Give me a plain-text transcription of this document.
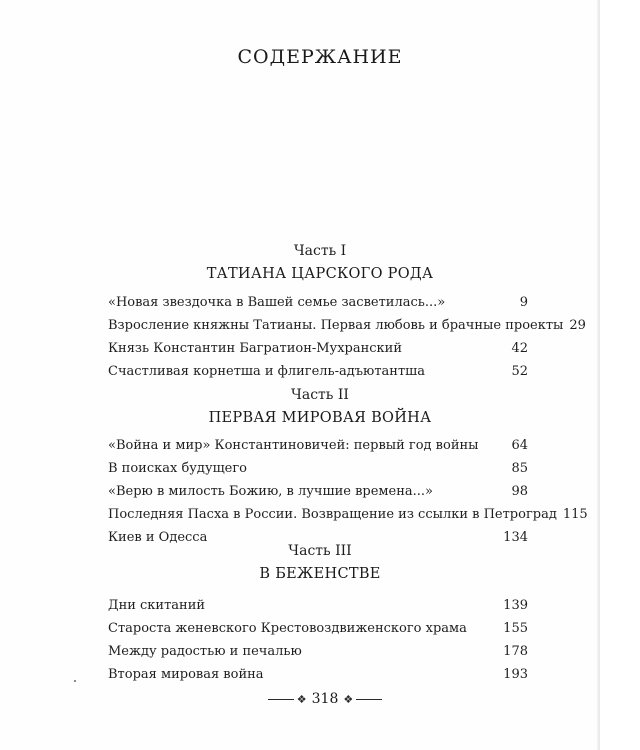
СОДЕРЖАНИЕ
Часть I
ТАТИАНА ЦАРСКОГО РОДА
«Новая звездочка в Вашей семье засветилась...»	9
Взросление княжны Татианы. Первая любовь и брачные проекты 29
Князь Константин Багратион-Мухранский	42
Счастливая корнетша и флигель-адъютантша	52
Часть II
ПЕРВАЯ МИРОВАЯ ВОЙНА
«Война и мир» Константиновичей: первый год войны	64
В поисках будущего	85
«Верю в милость Божию, в лучшие времена...»	98
Последняя Пасха в России. Возвращение из ссылки в Петроград 115
Киев и Одесса	134
Часть III
В БЕЖЕНСТВЕ
Дни скитаний	139
Староста женевского Крестовоздвиженского храма	155
Между радостью и печалью	178
Вторая мировая война	193
❖ 318 ❖
